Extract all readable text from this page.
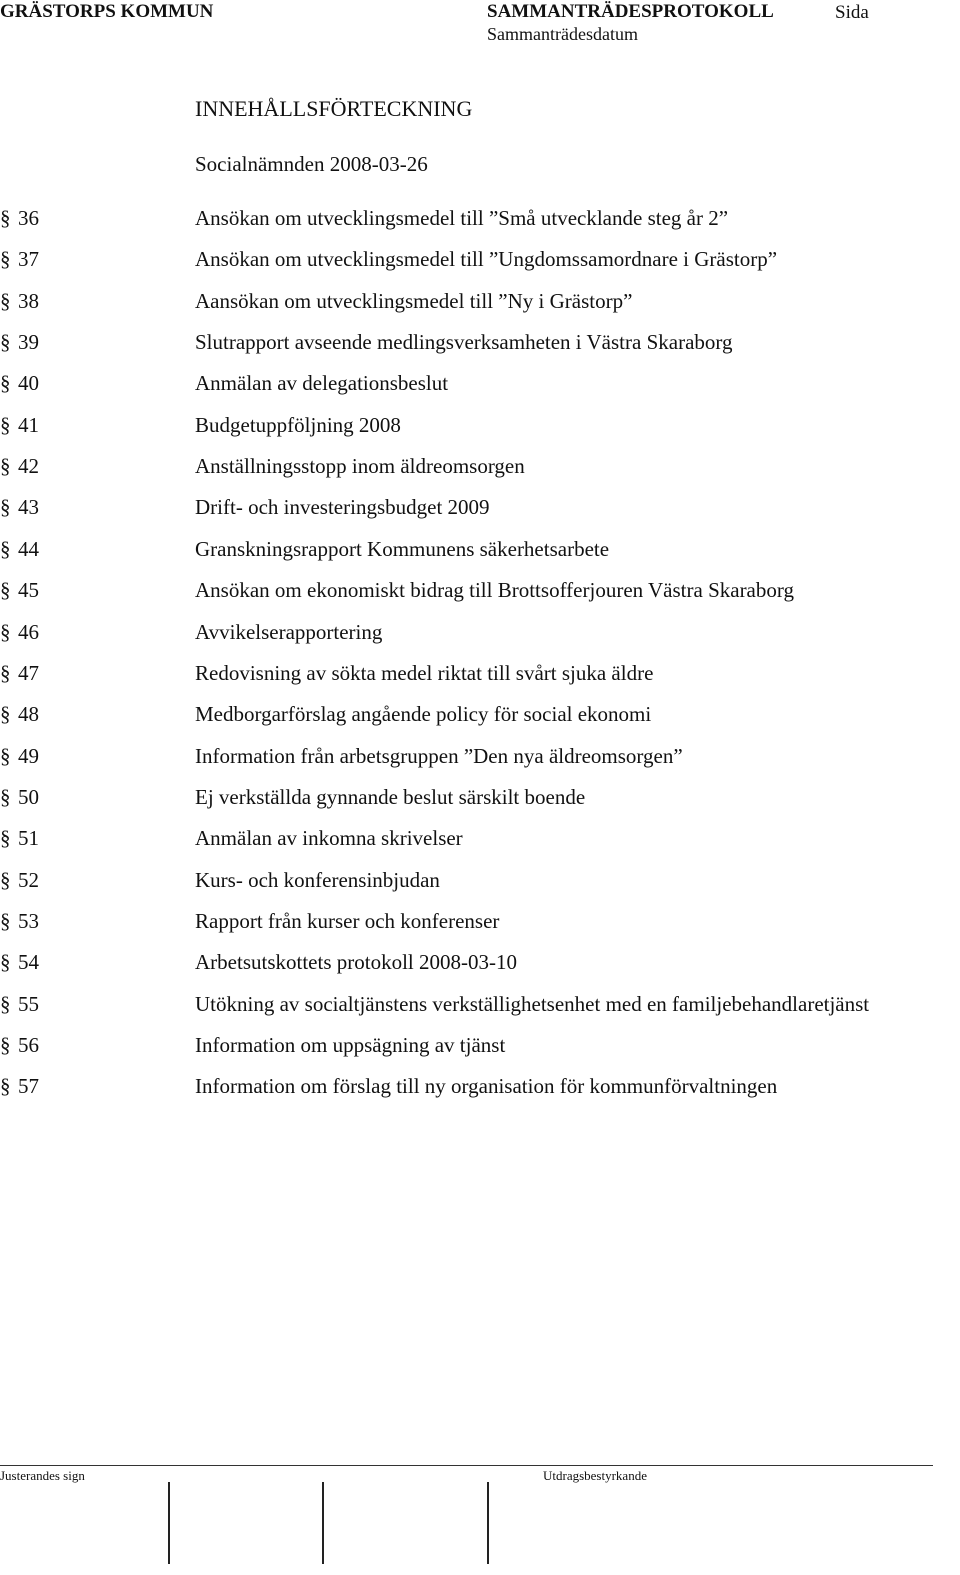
GRÄSTORPS KOMMUN	SAMMANTRÄDESPROTOKOLL
Sammanträdesdatum
Sida
INNEHÅLLSFÖRTECKNING
Socialnämnden 2008-03-26
§ 36	Ansökan om utvecklingsmedel till ”Små utvecklande steg år 2”
§ 37	Ansökan om utvecklingsmedel till ”Ungdomssamordnare i Grästorp”
§ 38	Aansökan om utvecklingsmedel till ”Ny i Grästorp”
§ 39	Slutrapport avseende medlingsverksamheten i Västra Skaraborg
§ 40	Anmälan av delegationsbeslut
§ 41	Budgetuppföljning 2008
§ 42	Anställningsstopp inom äldreomsorgen
§ 43	Drift- och investeringsbudget 2009
§ 44	Granskningsrapport Kommunens säkerhetsarbete
§ 45	Ansökan om ekonomiskt bidrag till Brottsofferjouren Västra Skaraborg
§ 46	Avvikelserapportering
§ 47	Redovisning av sökta medel riktat till svårt sjuka äldre
§ 48	Medborgarförslag angående policy för social ekonomi
§ 49	Information från arbetsgruppen ”Den nya äldreomsorgen”
§ 50	Ej verkställda gynnande beslut särskilt boende
§ 51	Anmälan av inkomna skrivelser
§ 52	Kurs- och konferensinbjudan
§ 53	Rapport från kurser och konferenser
§ 54	Arbetsutskottets protokoll 2008-03-10
§ 55	Utökning av socialtjänstens verkställighetsenhet med en familjebehandlaretjänst
§ 56	Information om uppsägning av tjänst
§ 57	Information om förslag till ny organisation för kommunförvaltningen
Justerandes sign	Utdragsbestyrkande
